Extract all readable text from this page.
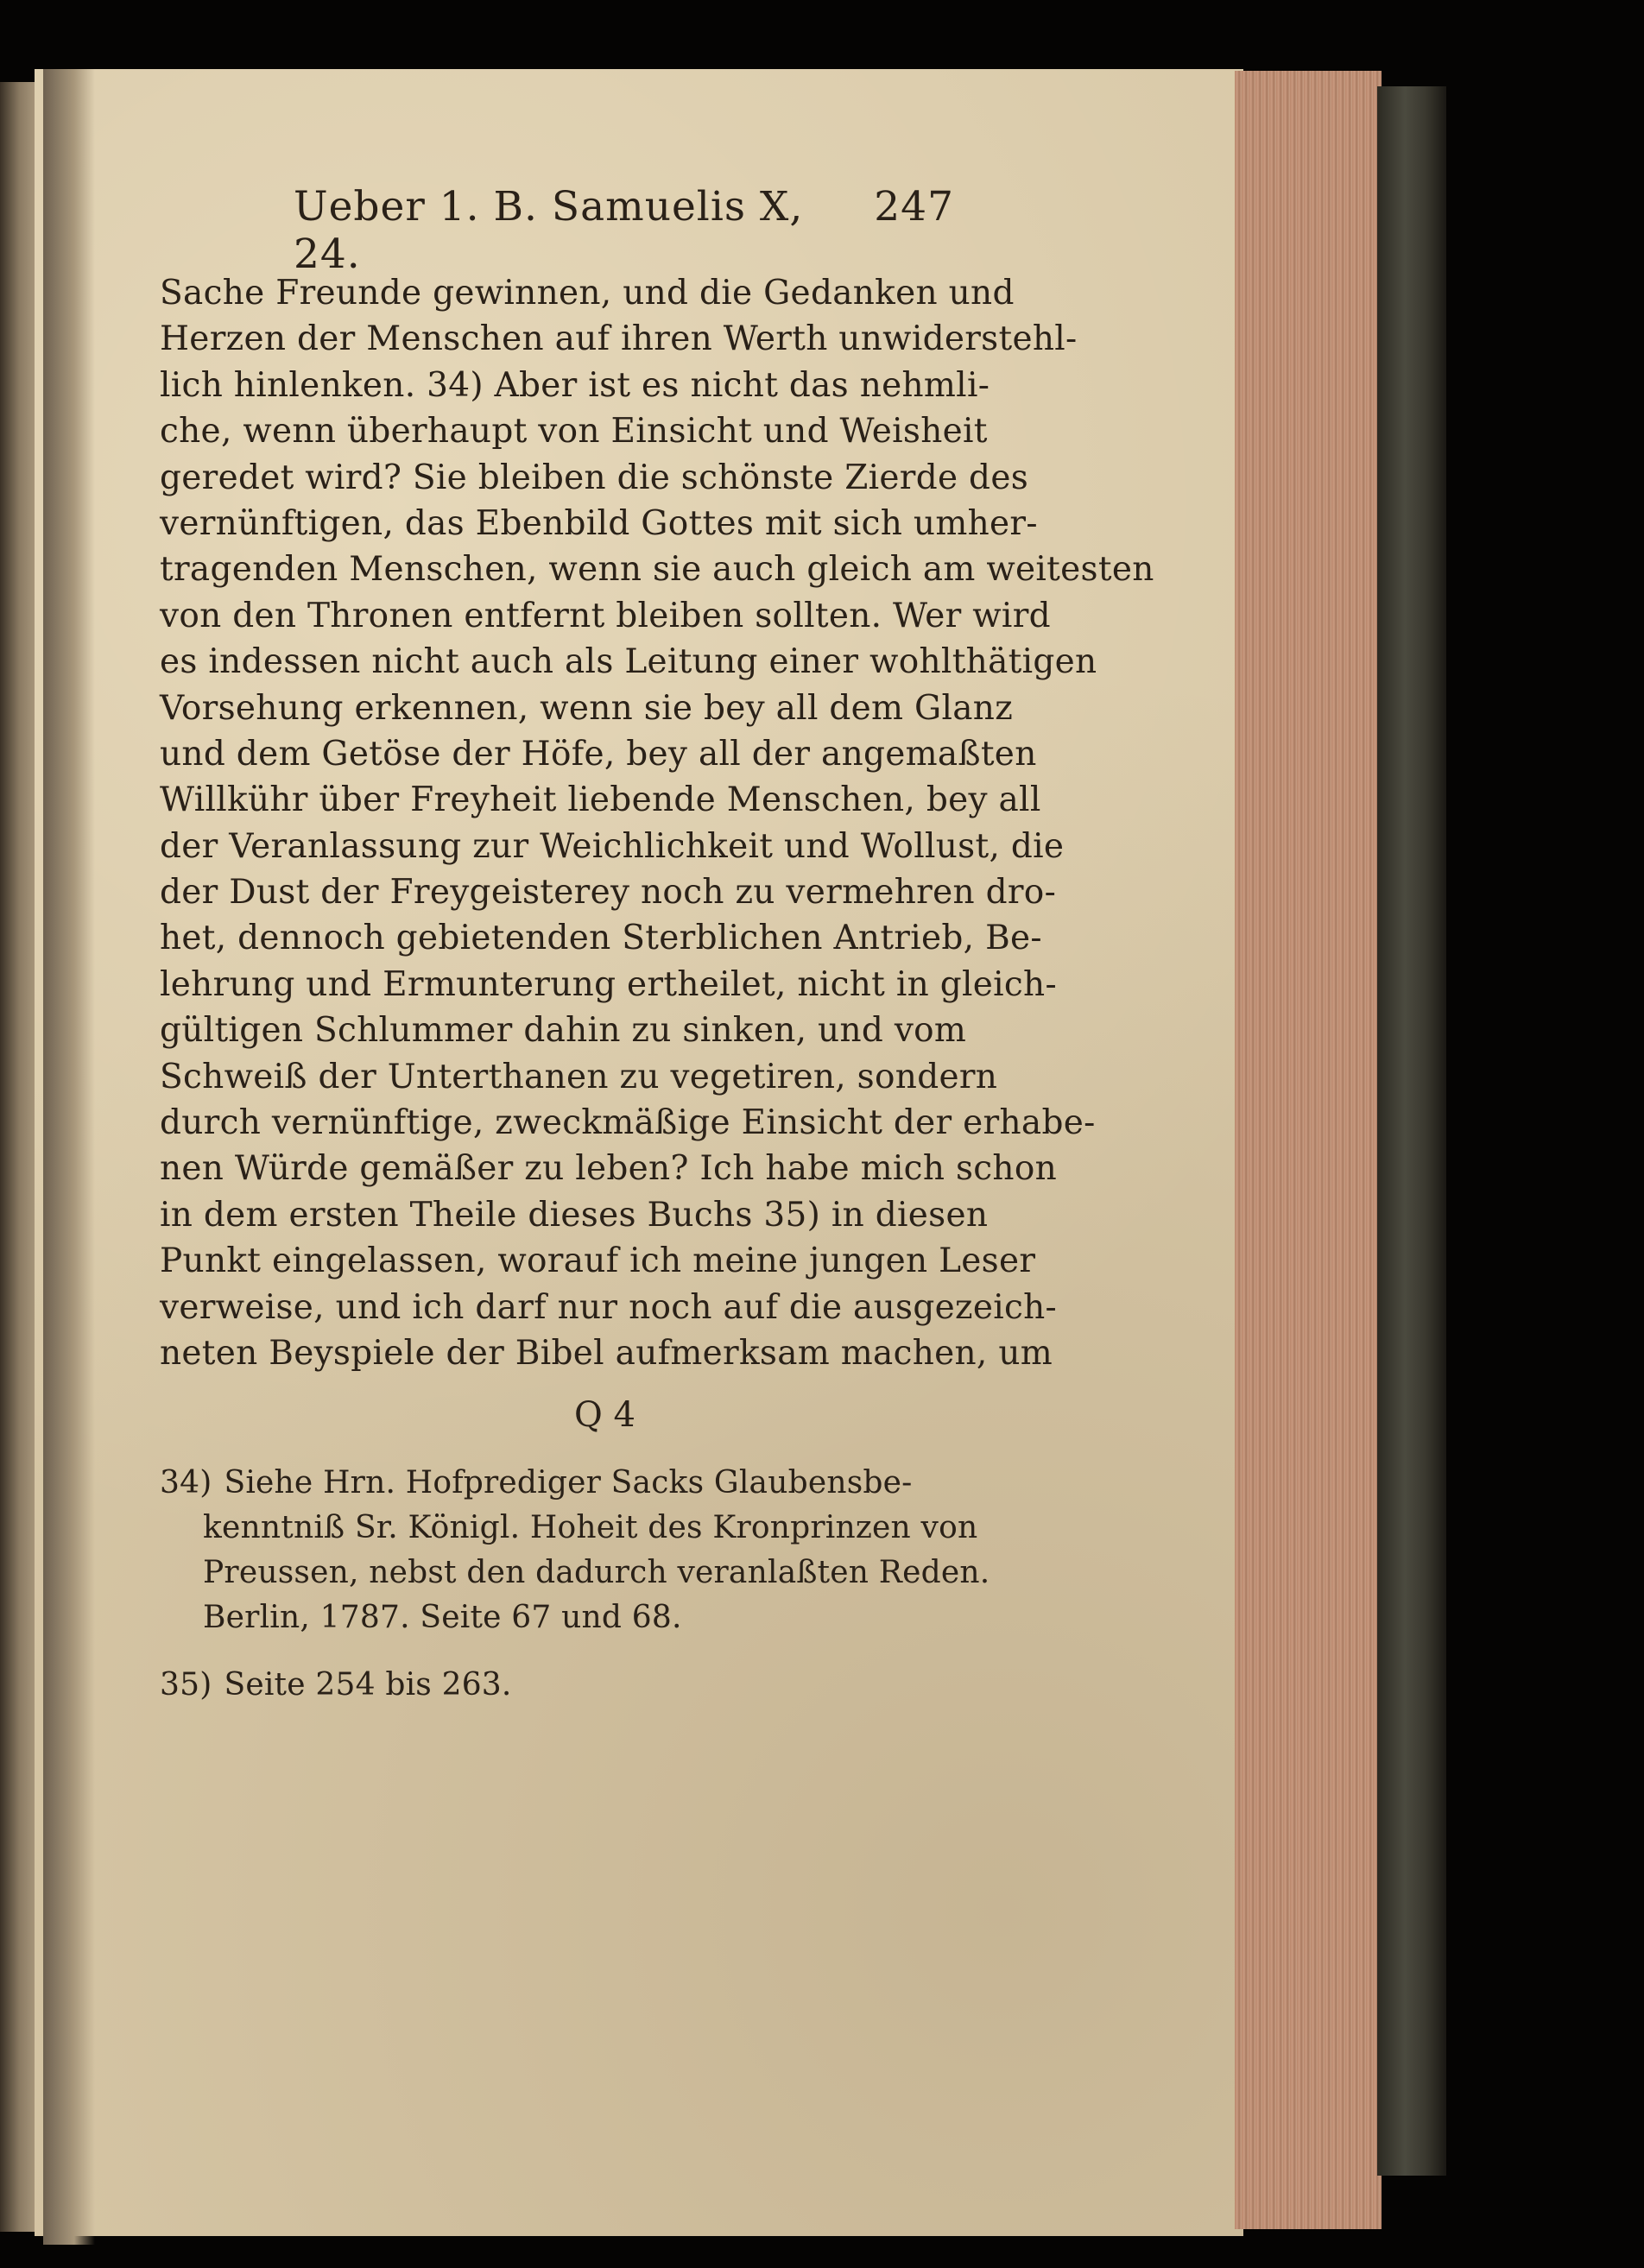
Ueber 1. B. Samuelis X, 24.
247
Sache Freunde gewinnen, und die Gedanken und
Herzen der Menschen auf ihren Werth unwiderstehl-
lich hinlenken. 34) Aber ist es nicht das nehmli-
che, wenn überhaupt von Einsicht und Weisheit
geredet wird? Sie bleiben die schönste Zierde des
vernünftigen, das Ebenbild Gottes mit sich umher-
tragenden Menschen, wenn sie auch gleich am weitesten
von den Thronen entfernt bleiben sollten. Wer wird
es indessen nicht auch als Leitung einer wohlthätigen
Vorsehung erkennen, wenn sie bey all dem Glanz
und dem Getöse der Höfe, bey all der angemaßten
Willkühr über Freyheit liebende Menschen, bey all
der Veranlassung zur Weichlichkeit und Wollust, die
der Dust der Freygeisterey noch zu vermehren dro-
het, dennoch gebietenden Sterblichen Antrieb, Be-
lehrung und Ermunterung ertheilet, nicht in gleich-
gültigen Schlummer dahin zu sinken, und vom
Schweiß der Unterthanen zu vegetiren, sondern
durch vernünftige, zweckmäßige Einsicht der erhabe-
nen Würde gemäßer zu leben? Ich habe mich schon
in dem ersten Theile dieses Buchs 35) in diesen
Punkt eingelassen, worauf ich meine jungen Leser
verweise, und ich darf nur noch auf die ausgezeich-
neten Beyspiele der Bibel aufmerksam machen, um
Q 4
34) Siehe Hrn. Hofprediger Sacks Glaubensbe-
kenntniß Sr. Königl. Hoheit des Kronprinzen von
Preussen, nebst den dadurch veranlaßten Reden.
Berlin, 1787. Seite 67 und 68.
35) Seite 254 bis 263.
